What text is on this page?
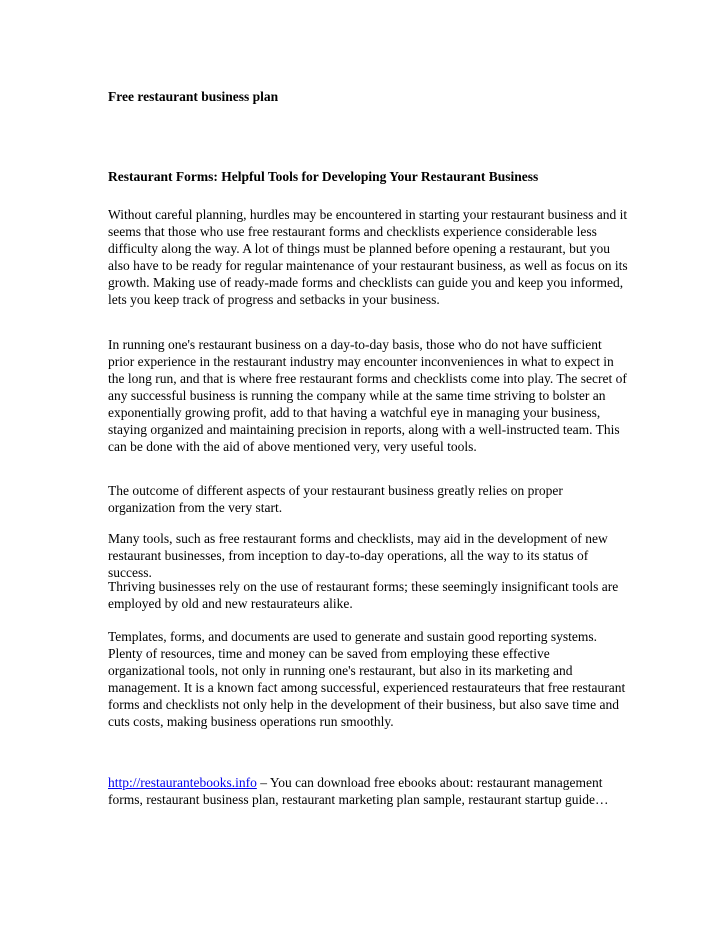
Free restaurant business plan
Restaurant Forms: Helpful Tools for Developing Your Restaurant Business

Without careful planning, hurdles may be encountered in starting your restaurant business and it seems that those who use free restaurant forms and checklists experience considerable less difficulty along the way. A lot of things must be planned before opening a restaurant, but you also have to be ready for regular maintenance of your restaurant business, as well as focus on its growth. Making use of ready-made forms and checklists can guide you and keep you informed, lets you keep track of progress and setbacks in your business.

In running one's restaurant business on a day-to-day basis, those who do not have sufficient prior experience in the restaurant industry may encounter inconveniences in what to expect in the long run, and that is where free restaurant forms and checklists come into play. The secret of any successful business is running the company while at the same time striving to bolster an exponentially growing profit, add to that having a watchful eye in managing your business, staying organized and maintaining precision in reports, along with a well-instructed team. This can be done with the aid of above mentioned very, very useful tools.

The outcome of different aspects of your restaurant business greatly relies on proper organization from the very start.

Many tools, such as free restaurant forms and checklists, may aid in the development of new restaurant businesses, from inception to day-to-day operations, all the way to its status of success.

Thriving businesses rely on the use of restaurant forms; these seemingly insignificant tools are employed by old and new restaurateurs alike.

Templates, forms, and documents are used to generate and sustain good reporting systems. Plenty of resources, time and money can be saved from employing these effective organizational tools, not only in running one's restaurant, but also in its marketing and management. It is a known fact among successful, experienced restaurateurs that free restaurant forms and checklists not only help in the development of their business, but also save time and cuts costs, making business operations run smoothly.

http://restaurantebooks.info – You can download free ebooks about: restaurant management forms, restaurant business plan, restaurant marketing plan sample, restaurant startup guide…
